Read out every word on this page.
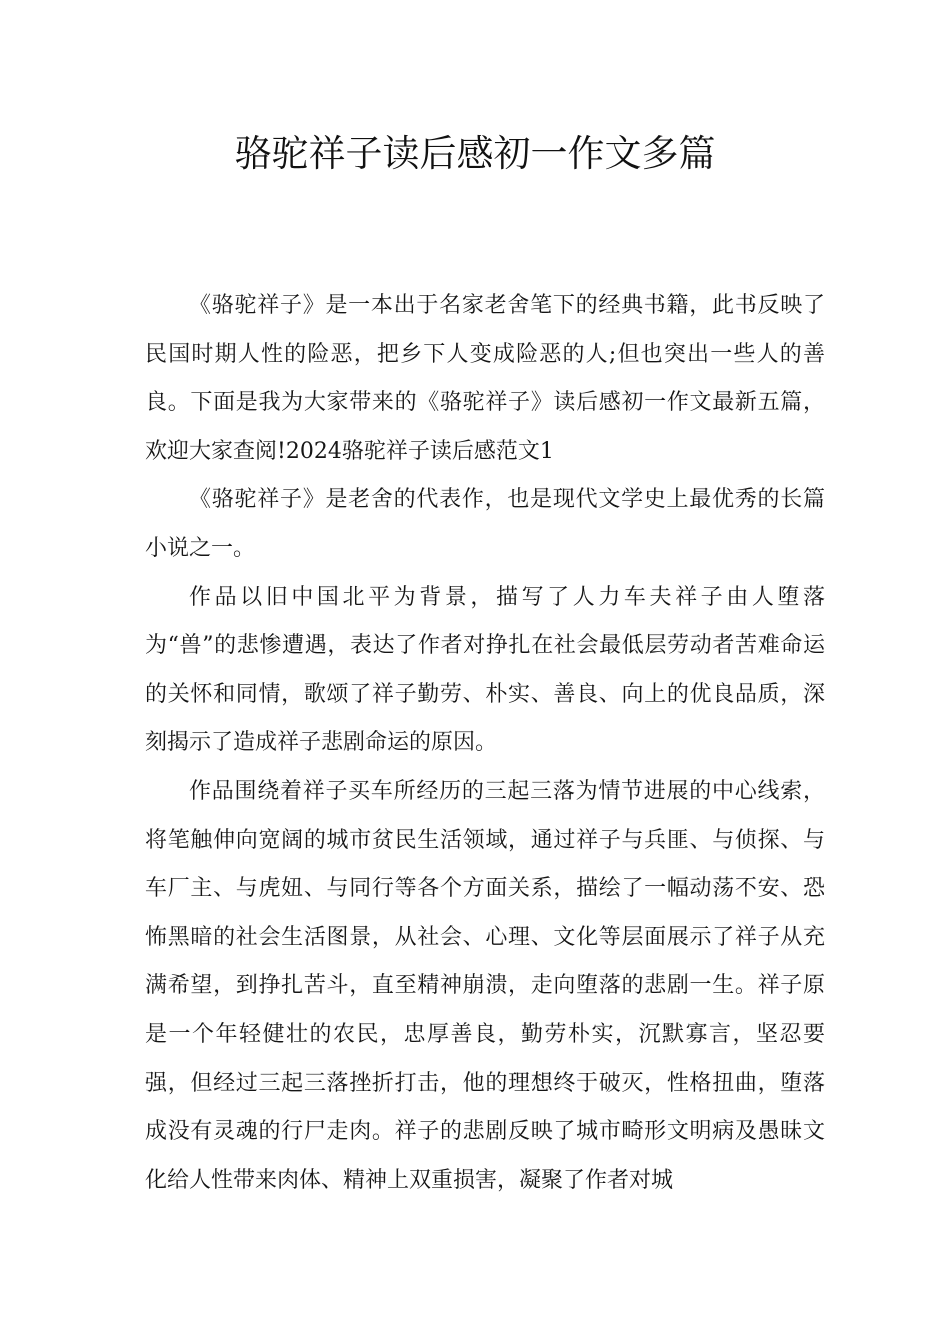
骆驼祥子读后感初一作文多篇

《骆驼祥子》是一本出于名家老舍笔下的经典书籍，此书反映了民国时期人性的险恶，把乡下人变成险恶的人;但也突出一些人的善良。下面是我为大家带来的《骆驼祥子》读后感初一作文最新五篇，欢迎大家查阅!2024骆驼祥子读后感范文1

《骆驼祥子》是老舍的代表作，也是现代文学史上最优秀的长篇小说之一。

作品以旧中国北平为背景，描写了人力车夫祥子由人堕落为“兽”的悲惨遭遇，表达了作者对挣扎在社会最低层劳动者苦难命运的关怀和同情，歌颂了祥子勤劳、朴实、善良、向上的优良品质，深刻揭示了造成祥子悲剧命运的原因。

作品围绕着祥子买车所经历的三起三落为情节进展的中心线索，将笔触伸向宽阔的城市贫民生活领域，通过祥子与兵匪、与侦探、与车厂主、与虎妞、与同行等各个方面关系，描绘了一幅动荡不安、恐怖黑暗的社会生活图景，从社会、心理、文化等层面展示了祥子从充满希望，到挣扎苦斗，直至精神崩溃，走向堕落的悲剧一生。祥子原是一个年轻健壮的农民，忠厚善良，勤劳朴实，沉默寡言，坚忍要强，但经过三起三落挫折打击，他的理想终于破灭，性格扭曲，堕落成没有灵魂的行尸走肉。祥子的悲剧反映了城市畸形文明病及愚昧文化给人性带来肉体、精神上双重损害，凝聚了作者对城
